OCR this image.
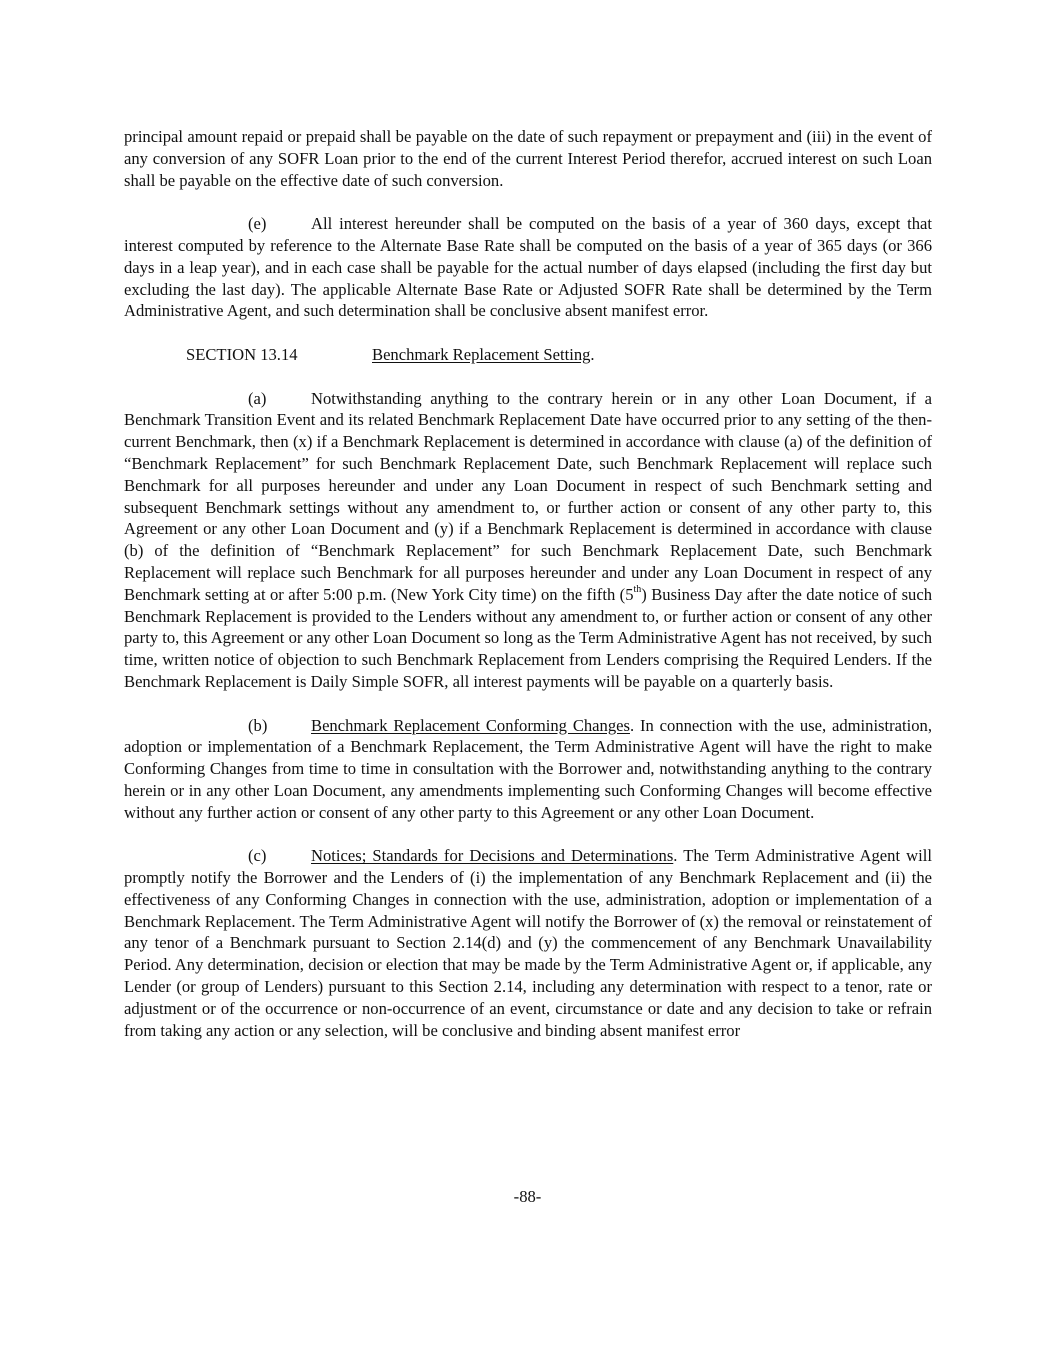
principal amount repaid or prepaid shall be payable on the date of such repayment or prepayment and (iii) in the event of any conversion of any SOFR Loan prior to the end of the current Interest Period therefor, accrued interest on such Loan shall be payable on the effective date of such conversion.

(e)	All interest hereunder shall be computed on the basis of a year of 360 days, except that interest computed by reference to the Alternate Base Rate shall be computed on the basis of a year of 365 days (or 366 days in a leap year), and in each case shall be payable for the actual number of days elapsed (including the first day but excluding the last day). The applicable Alternate Base Rate or Adjusted SOFR Rate shall be determined by the Term Administrative Agent, and such determination shall be conclusive absent manifest error.

SECTION 13.14	Benchmark Replacement Setting.

(a)	Notwithstanding anything to the contrary herein or in any other Loan Document, if a Benchmark Transition Event and its related Benchmark Replacement Date have occurred prior to any setting of the then-current Benchmark, then (x) if a Benchmark Replacement is determined in accordance with clause (a) of the definition of “Benchmark Replacement” for such Benchmark Replacement Date, such Benchmark Replacement will replace such Benchmark for all purposes hereunder and under any Loan Document in respect of such Benchmark setting and subsequent Benchmark settings without any amendment to, or further action or consent of any other party to, this Agreement or any other Loan Document and (y) if a Benchmark Replacement is determined in accordance with clause (b) of the definition of “Benchmark Replacement” for such Benchmark Replacement Date, such Benchmark Replacement will replace such Benchmark for all purposes hereunder and under any Loan Document in respect of any Benchmark setting at or after 5:00 p.m. (New York City time) on the fifth (5th) Business Day after the date notice of such Benchmark Replacement is provided to the Lenders without any amendment to, or further action or consent of any other party to, this Agreement or any other Loan Document so long as the Term Administrative Agent has not received, by such time, written notice of objection to such Benchmark Replacement from Lenders comprising the Required Lenders. If the Benchmark Replacement is Daily Simple SOFR, all interest payments will be payable on a quarterly basis.

(b)	Benchmark Replacement Conforming Changes. In connection with the use, administration, adoption or implementation of a Benchmark Replacement, the Term Administrative Agent will have the right to make Conforming Changes from time to time in consultation with the Borrower and, notwithstanding anything to the contrary herein or in any other Loan Document, any amendments implementing such Conforming Changes will become effective without any further action or consent of any other party to this Agreement or any other Loan Document.

(c)	Notices; Standards for Decisions and Determinations. The Term Administrative Agent will promptly notify the Borrower and the Lenders of (i) the implementation of any Benchmark Replacement and (ii) the effectiveness of any Conforming Changes in connection with the use, administration, adoption or implementation of a Benchmark Replacement. The Term Administrative Agent will notify the Borrower of (x) the removal or reinstatement of any tenor of a Benchmark pursuant to Section 2.14(d) and (y) the commencement of any Benchmark Unavailability Period. Any determination, decision or election that may be made by the Term Administrative Agent or, if applicable, any Lender (or group of Lenders) pursuant to this Section 2.14, including any determination with respect to a tenor, rate or adjustment or of the occurrence or non-occurrence of an event, circumstance or date and any decision to take or refrain from taking any action or any selection, will be conclusive and binding absent manifest error

-88-
